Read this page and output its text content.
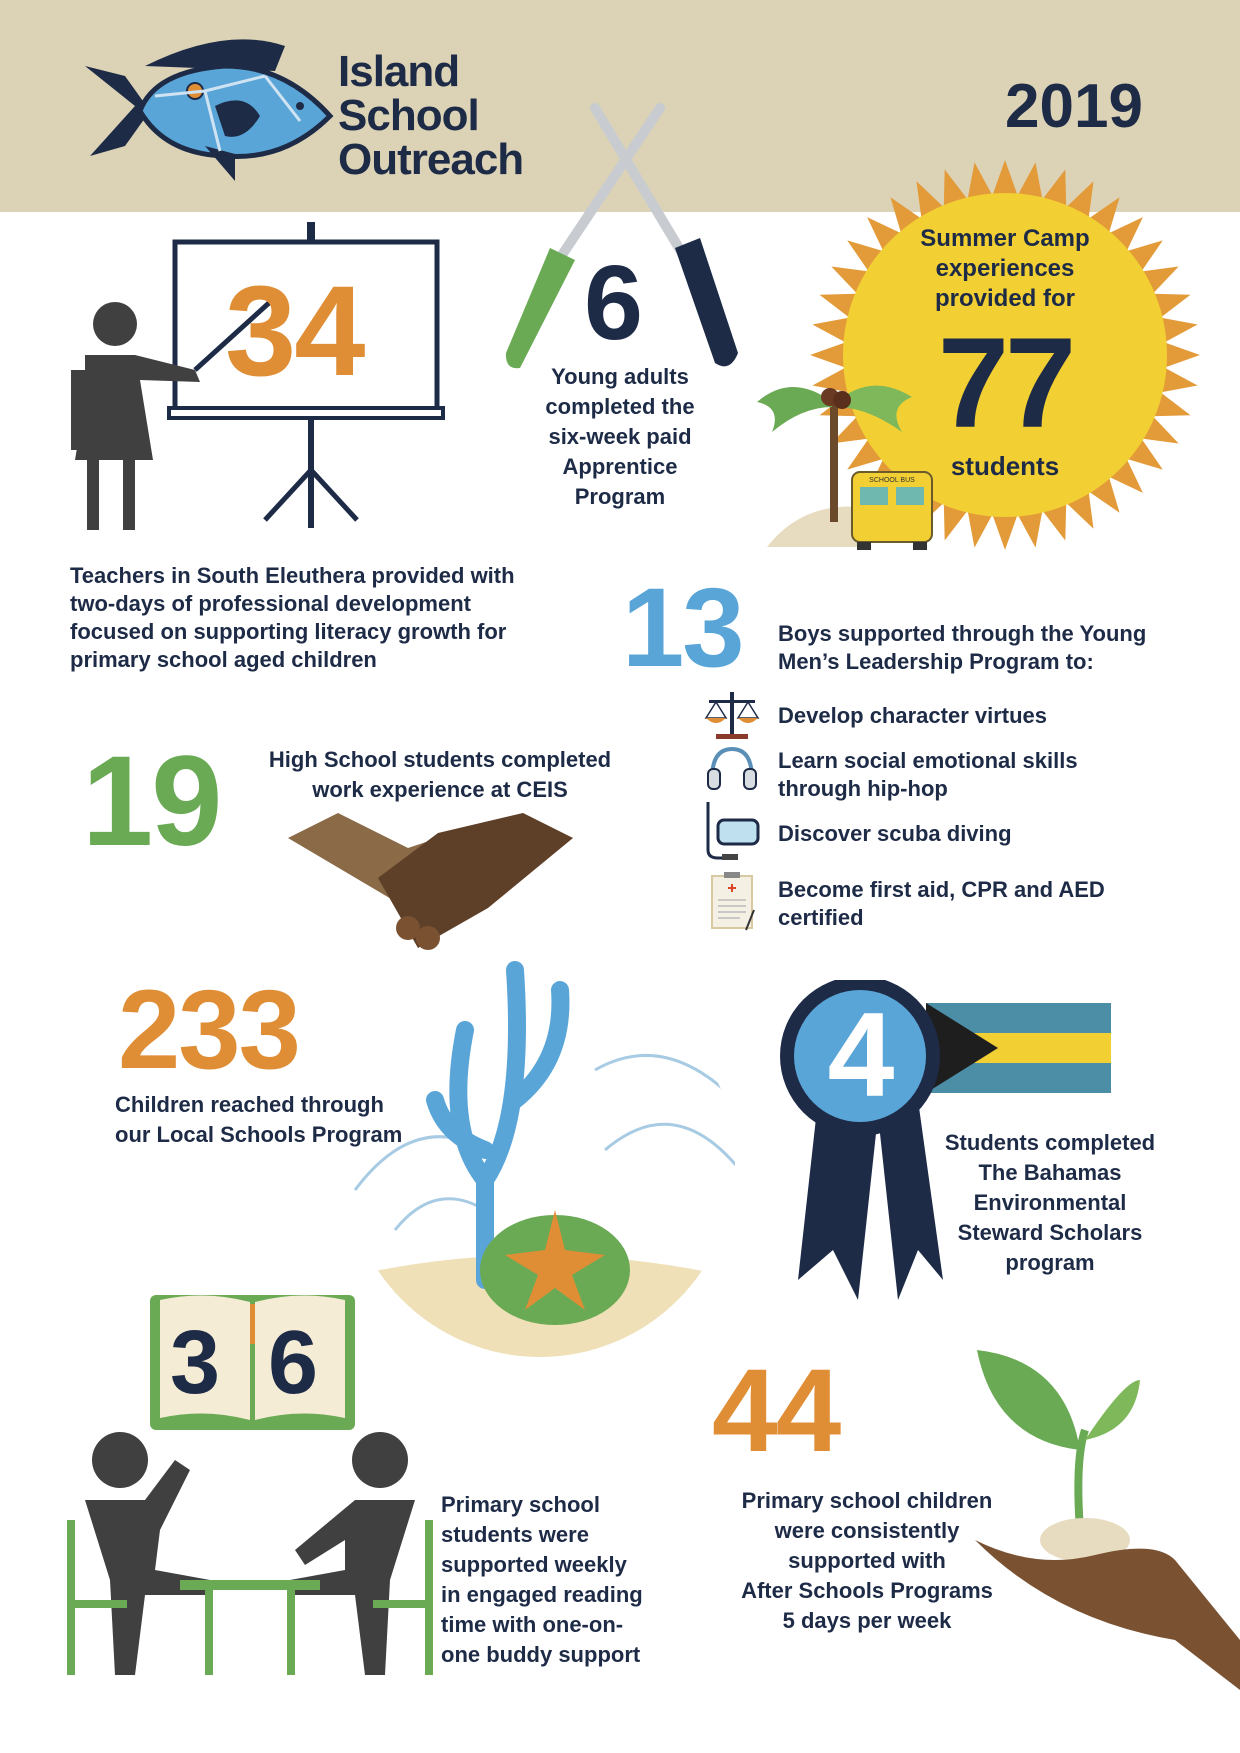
Island
School
Outreach
2019
34
Teachers in South Eleuthera provided with
two-days of professional development
focused on supporting literacy growth for
primary school aged children
6
Young adults
completed the
six-week paid
Apprentice
Program
Summer Camp
experiences
provided for
77
students
SCHOOL BUS
13 Boys supported through the Young
Men’s Leadership Program to:
Develop character virtues
Learn social emotional skills
through hip-hop
Discover scuba diving
Become first aid, CPR and AED
certified
19	High School students completed
work experience at CEIS
233
Children reached through
our Local Schools Program
4
Students completed
The Bahamas
Environmental
Steward Scholars
program
3 6
Primary school
students were
supported weekly
in engaged reading
time with one-on-
one buddy support
44
Primary school children
were consistently
supported with
After Schools Programs
5 days per week
